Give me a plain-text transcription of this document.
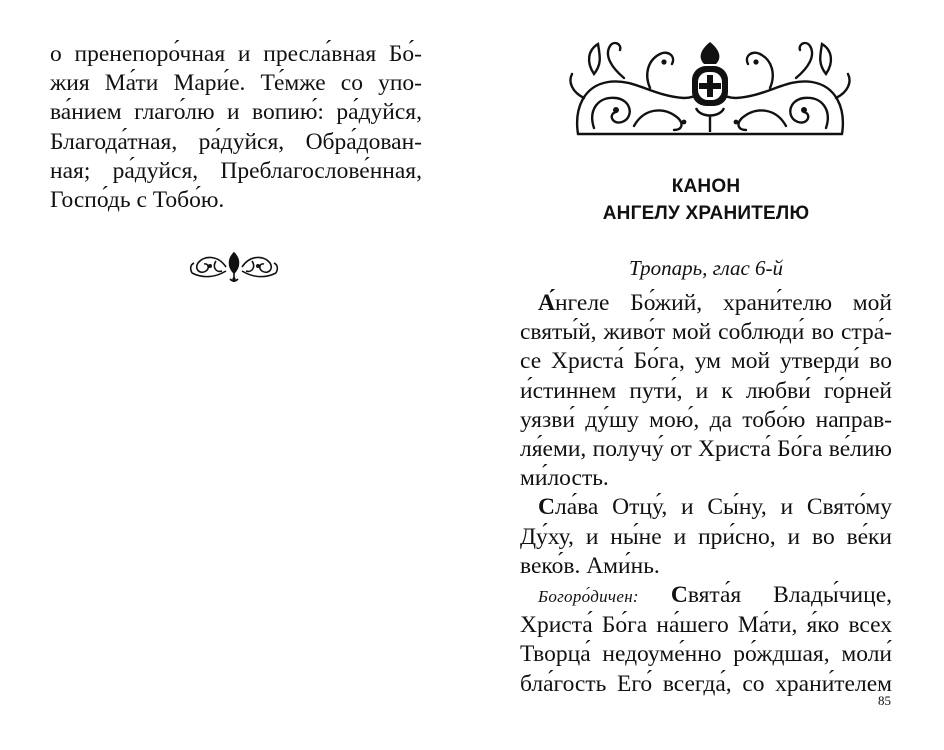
о пренепоро́чная и пресла́вная Бо́-
жия Ма́ти Мари́е. Те́мже со упо-
ва́нием глаго́лю и вопию́: ра́дуйся,
Благода́тная, ра́дуйся, Обра́дован-
ная; ра́дуйся, Преблагослове́нная,
Госпо́дь с Тобо́ю.

КАНОН

АНГЕЛУ ХРАНИТЕЛЮ

Тропарь, глас 6-й

А́нгеле Бо́жий, храни́телю мой
святы́й, живо́т мой соблюди́ во стра́-
се Христа́ Бо́га, ум мой утверди́ во
и́стиннем пути́, и к любви́ го́рней
уязви́ ду́шу мою́, да тобо́ю направ-
ля́еми, получу́ от Христа́ Бо́га ве́лию
ми́лость.
Сла́ва Отцу́, и Сы́ну, и Свято́му
Ду́ху, и ны́не и при́сно, и во ве́ки
веко́в. Ами́нь.
Богоро́дичен: Свята́я Влады́чице,
Христа́ Бо́га на́шего Ма́ти, я́ко всех
Творца́ недоуме́нно ро́ждшая, моли́
бла́гость Его́ всегда́, со храни́телем

85
